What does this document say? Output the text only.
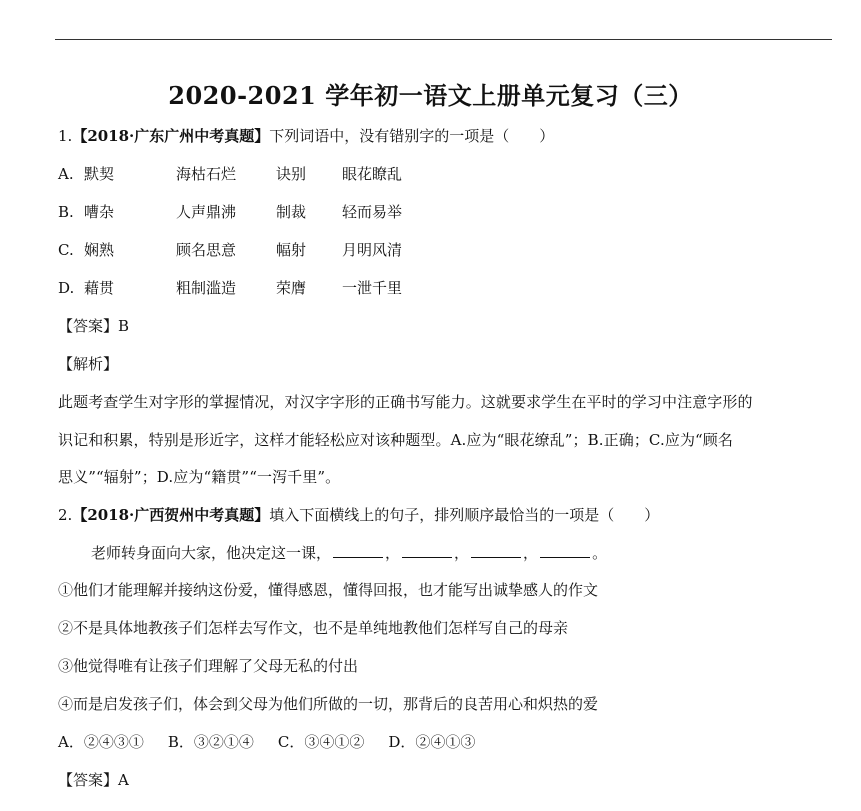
2020-2021 学年初一语文上册单元复习（三）
1.【2018·广东广州中考真题】下列词语中，没有错别字的一项是（　　）
A. 默契	海枯石烂	诀别 眼花瞭乱
B. 嘈杂	人声鼎沸	制裁 轻而易举
C. 娴熟	顾名思意	幅射 月明风清
D. 藉贯	粗制滥造	荣膺 一泄千里
【答案】B
【解析】
此题考查学生对字形的掌握情况，对汉字字形的正确书写能力。这就要求学生在平时的学习中注意字形的
识记和积累，特别是形近字，这样才能轻松应对该种题型。A.应为“眼花缭乱”；B.正确；C.应为“顾名
思义”“辐射”；D.应为“籍贯”“一泻千里”。
2.【2018·广西贺州中考真题】填入下面横线上的句子，排列顺序最恰当的一项是（　　）
老师转身面向大家，他决定这一课，	，	，	，	。
①他们才能理解并接纳这份爱，懂得感恩，懂得回报，也才能写出诚挚感人的作文
②不是具体地教孩子们怎样去写作文，也不是单纯地教他们怎样写自己的母亲
③他觉得唯有让孩子们理解了父母无私的付出
④而是启发孩子们，体会到父母为他们所做的一切，那背后的良苦用心和炽热的爱
A．②④③① B．③②①④ C．③④①② D．②④①③
【答案】A
